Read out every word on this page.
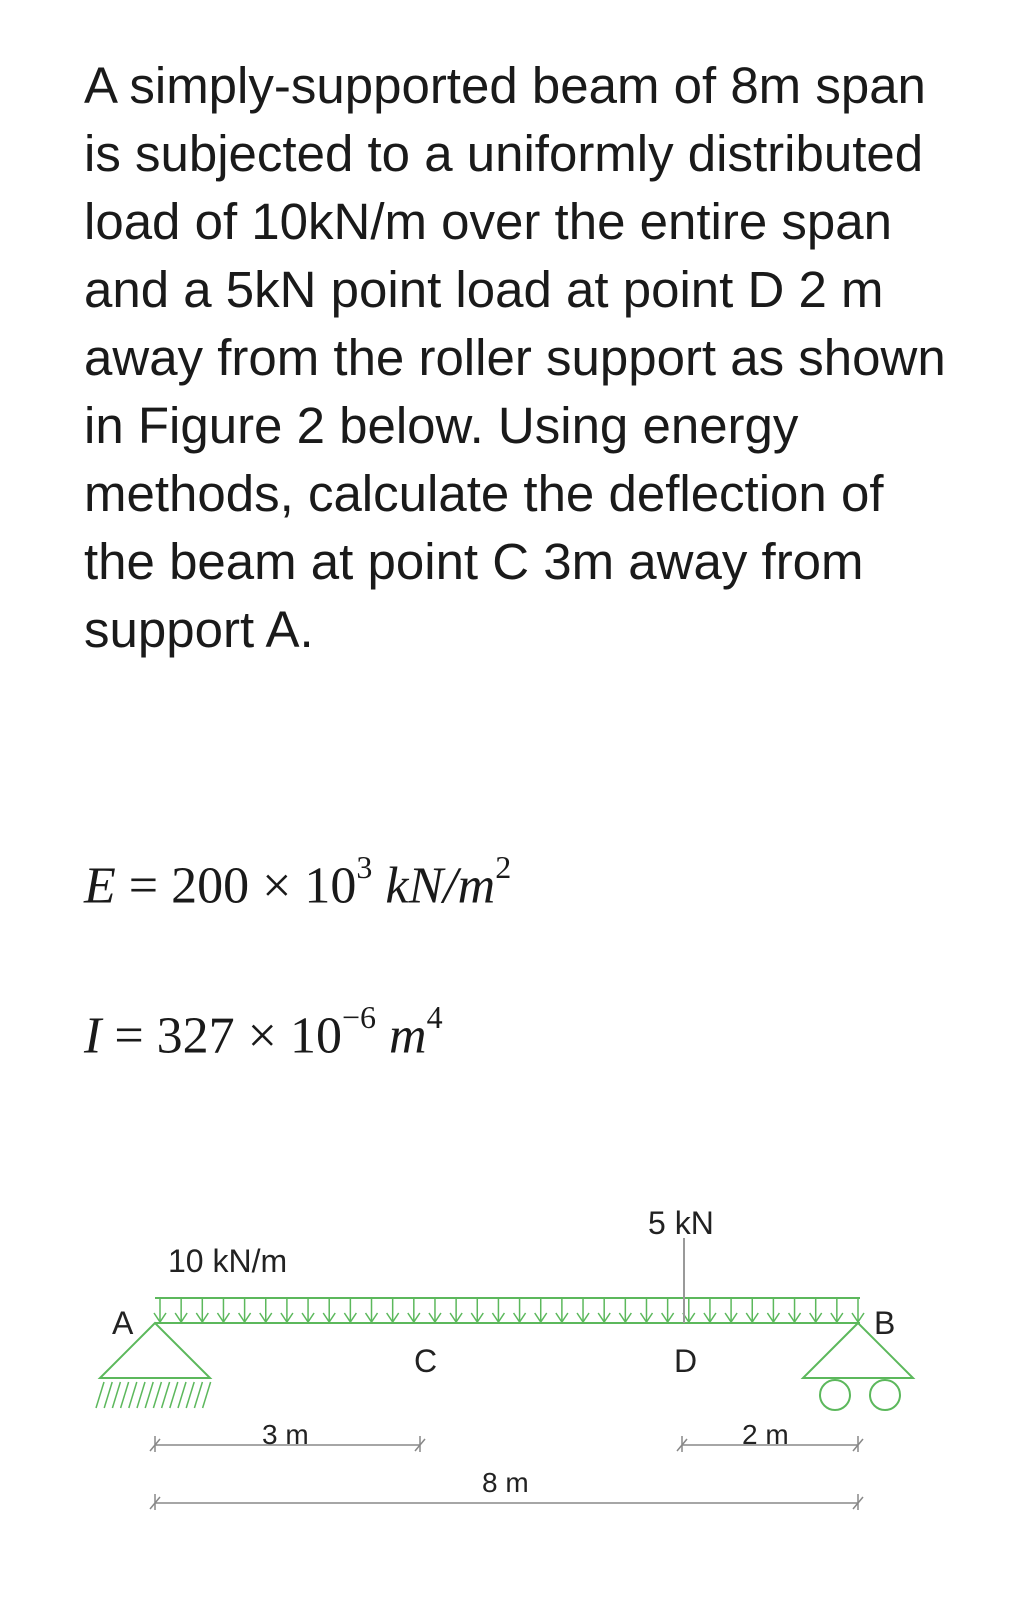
A simply-supported beam of 8m span is subjected to a uniformly distributed load of 10kN/m over the entire span and a 5kN point load at point D 2 m away from the roller support as shown in Figure 2 below. Using energy methods, calculate the deflection of the beam at point C 3m away from support A.

$E = 200 \times 10^3$ $kN/m^2$
$I = 327 \times 10^{-6}$ $m^4$
10 kN/m
5 kN
A	B
C	D
3 m	2 m
8 m
